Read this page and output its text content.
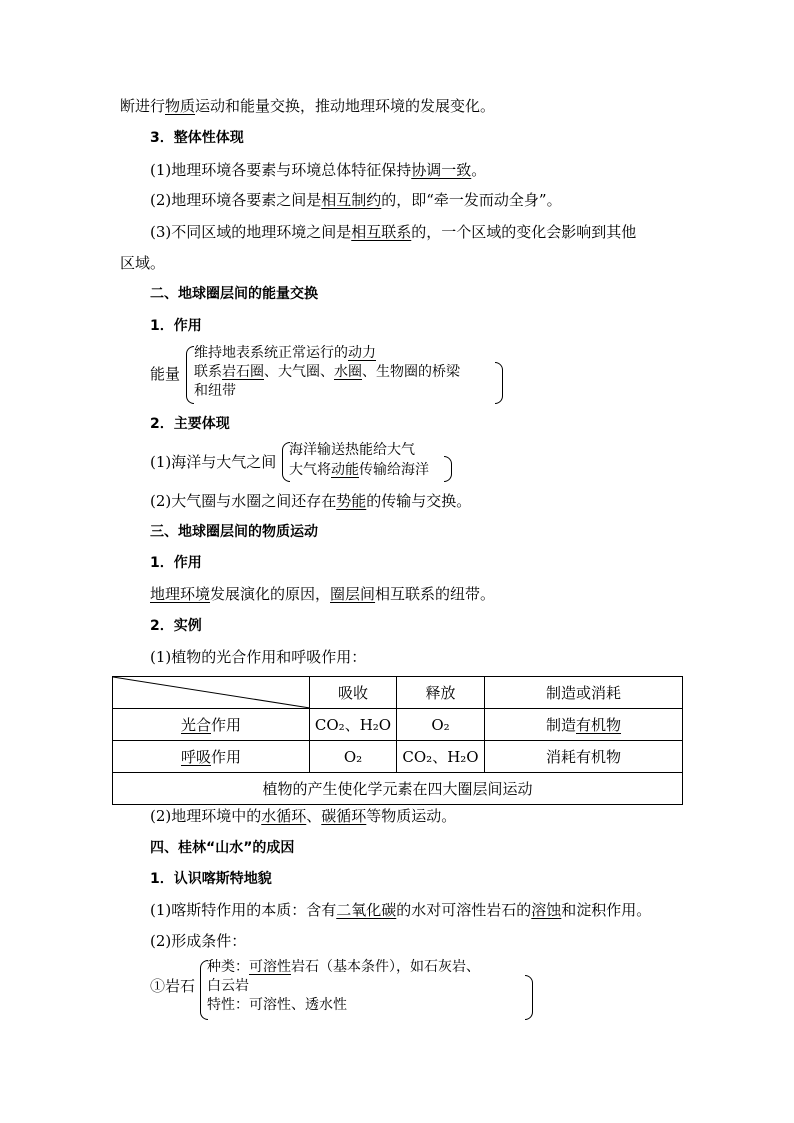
断进行物质运动和能量交换，推动地理环境的发展变化。
3．整体性体现
(1)地理环境各要素与环境总体特征保持协调一致。
(2)地理环境各要素之间是相互制约的，即“牵一发而动全身”。
(3)不同区域的地理环境之间是相互联系的，一个区域的变化会影响到其他
区域。
二、地球圈层间的能量交换
1．作用
能量
维持地表系统正常运行的动力
联系岩石圈、大气圈、水圈、生物圈的桥梁
和纽带
2．主要体现
(1)海洋与大气之间
海洋输送热能给大气
大气将动能传输给海洋
(2)大气圈与水圈之间还存在势能的传输与交换。
三、地球圈层间的物质运动
1．作用
地理环境发展演化的原因，圈层间相互联系的纽带。
2．实例
(1)植物的光合作用和呼吸作用：
	吸收	释放	制造或消耗
光合作用	CO₂、H₂O	O₂	制造有机物
呼吸作用	O₂	CO₂、H₂O	消耗有机物
植物的产生使化学元素在四大圈层间运动			
(2)地理环境中的水循环、碳循环等物质运动。
四、桂林“山水”的成因
1．认识喀斯特地貌
(1)喀斯特作用的本质：含有二氧化碳的水对可溶性岩石的溶蚀和淀积作用。
(2)形成条件：
①岩石
种类：可溶性岩石（基本条件），如石灰岩、
白云岩
特性：可溶性、透水性
